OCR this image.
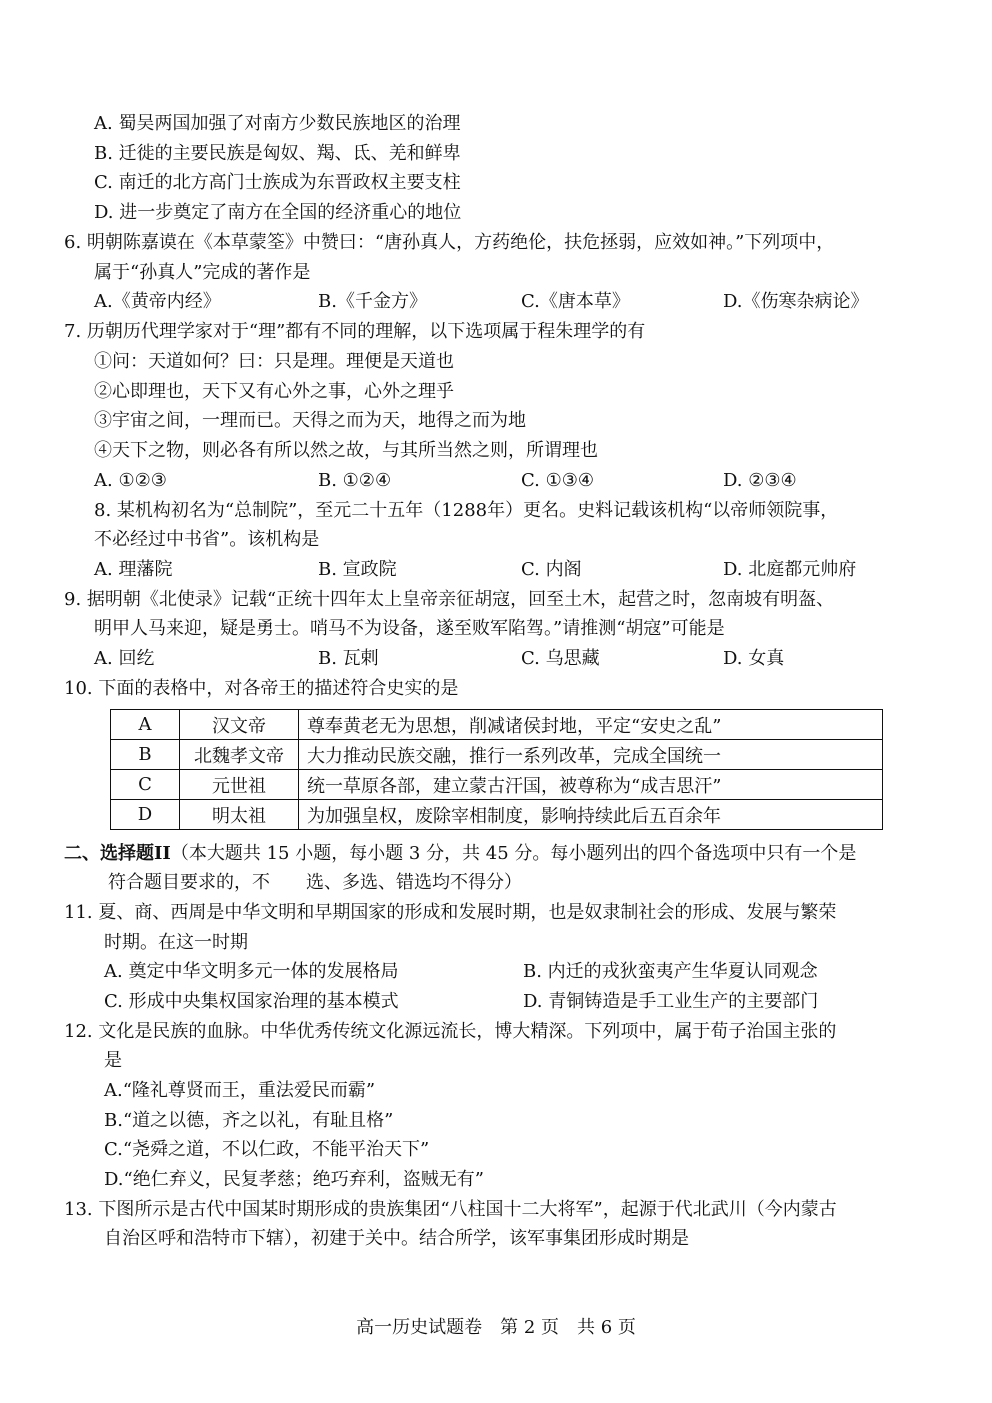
A. 蜀吴两国加强了对南方少数民族地区的治理
B. 迁徙的主要民族是匈奴、羯、氐、羌和鲜卑
C. 南迁的北方高门士族成为东晋政权主要支柱
D. 进一步奠定了南方在全国的经济重心的地位
6. 明朝陈嘉谟在《本草蒙筌》中赞曰：“唐孙真人，方药绝伦，扶危拯弱，应效如神。”下列项中，
属于“孙真人”完成的著作是
A.《黄帝内经》	B.《千金方》	C.《唐本草》	D.《伤寒杂病论》
7. 历朝历代理学家对于“理”都有不同的理解，以下选项属于程朱理学的有
①问：天道如何？曰：只是理。理便是天道也
②心即理也，天下又有心外之事，心外之理乎
③宇宙之间，一理而已。天得之而为天，地得之而为地
④天下之物，则必各有所以然之故，与其所当然之则，所谓理也
A. ①②③	B. ①②④	C. ①③④	D. ②③④
8. 某机构初名为“总制院”，至元二十五年（1288年）更名。史料记载该机构“以帝师领院事，
不必经过中书省”。该机构是
A. 理藩院	B. 宣政院	C. 内阁	D. 北庭都元帅府
9. 据明朝《北使录》记载“正统十四年太上皇帝亲征胡寇，回至土木，起营之时，忽南坡有明盔、
明甲人马来迎，疑是勇士。哨马不为设备，遂至败军陷驾。”请推测“胡寇”可能是
A. 回纥	B. 瓦剌	C. 乌思藏	D. 女真
10. 下面的表格中，对各帝王的描述符合史实的是
A	汉文帝	尊奉黄老无为思想，削减诸侯封地，平定“安史之乱”
B	北魏孝文帝	大力推动民族交融，推行一系列改革，完成全国统一
C	元世祖	统一草原各部，建立蒙古汗国，被尊称为“成吉思汗”
D	明太祖	为加强皇权，废除宰相制度，影响持续此后五百余年
二、选择题II（本大题共 15 小题，每小题 3 分，共 45 分。每小题列出的四个备选项中只有一个是
符合题目要求的，不　　选、多选、错选均不得分）
11. 夏、商、西周是中华文明和早期国家的形成和发展时期，也是奴隶制社会的形成、发展与繁荣
时期。在这一时期
A. 奠定中华文明多元一体的发展格局	B. 内迁的戎狄蛮夷产生华夏认同观念
C. 形成中央集权国家治理的基本模式	D. 青铜铸造是手工业生产的主要部门
12. 文化是民族的血脉。中华优秀传统文化源远流长，博大精深。下列项中，属于荀子治国主张的
是
A.“隆礼尊贤而王，重法爱民而霸”
B.“道之以德，齐之以礼，有耻且格”
C.“尧舜之道，不以仁政，不能平治天下”
D.“绝仁弃义，民复孝慈；绝巧弃利，盗贼无有”
13. 下图所示是古代中国某时期形成的贵族集团“八柱国十二大将军”，起源于代北武川（今内蒙古
自治区呼和浩特市下辖），初建于关中。结合所学，该军事集团形成时期是
高一历史试题卷　第 2 页　共 6 页
